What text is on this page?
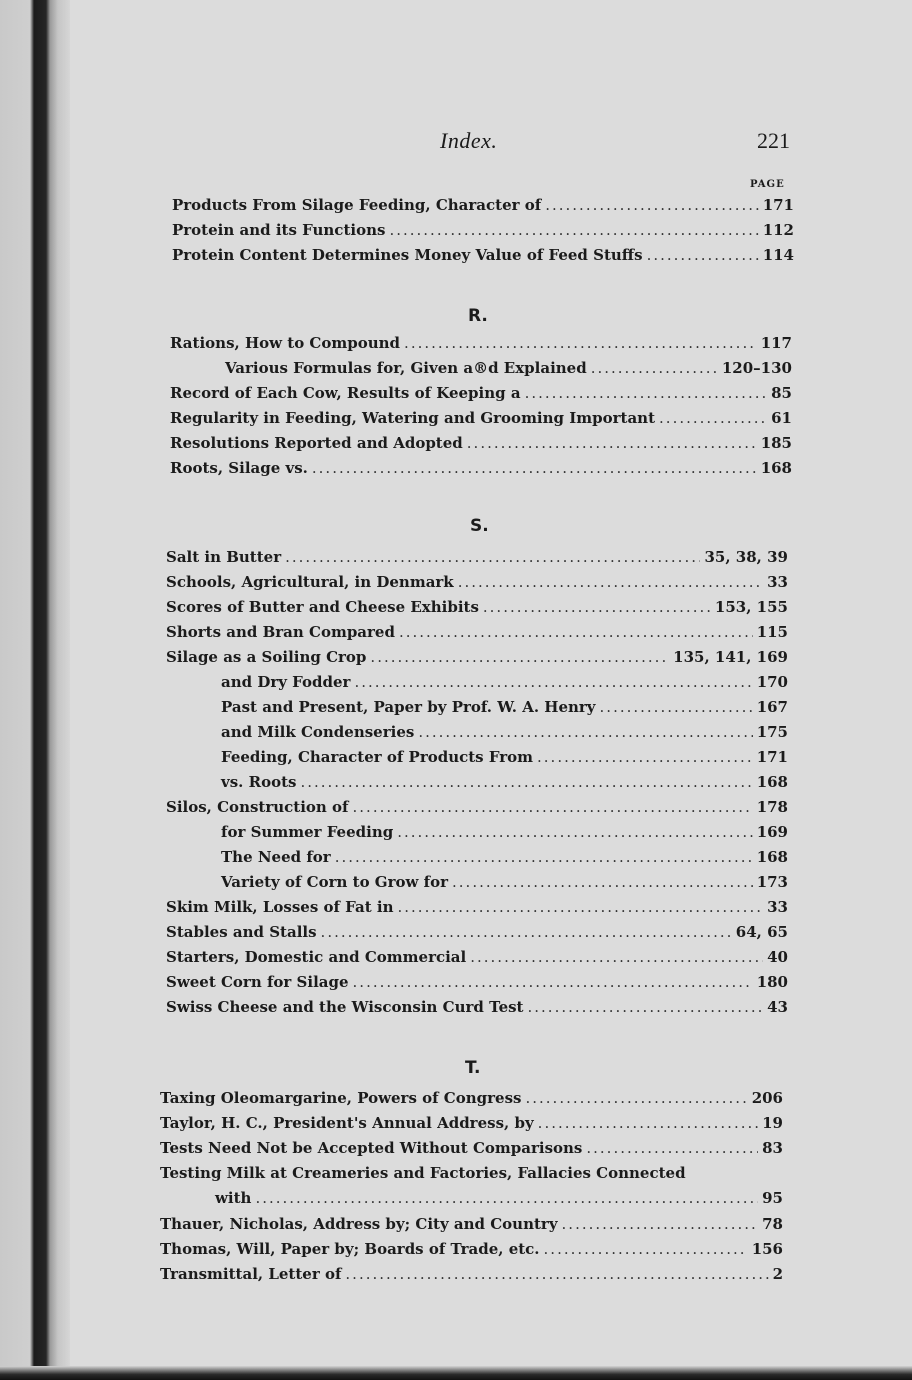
Index.	221
PAGE
Products From Silage Feeding, Character of .....	171
Protein and its Functions .....	112
Protein Content Determines Money Value of Feed Stuffs .....	114
R.
Rations, How to Compound .....	117
Various Formulas for, Given a®d Explained .....	120–130
Record of Each Cow, Results of Keeping a .....	85
Regularity in Feeding, Watering and Grooming Important .....	61
Resolutions Reported and Adopted .....	185
Roots, Silage vs. .....	168
S.
Salt in Butter .....	35, 38, 39
Schools, Agricultural, in Denmark .....	33
Scores of Butter and Cheese Exhibits .....	153, 155
Shorts and Bran Compared .....	115
Silage as a Soiling Crop .....	135, 141, 169
and Dry Fodder .....	170
Past and Present, Paper by Prof. W. A. Henry .....	167
and Milk Condenseries .....	175
Feeding, Character of Products From .....	171
vs. Roots .....	168
Silos, Construction of .....	178
for Summer Feeding .....	169
The Need for .....	168
Variety of Corn to Grow for .....	173
Skim Milk, Losses of Fat in .....	33
Stables and Stalls .....	64, 65
Starters, Domestic and Commercial .....	40
Sweet Corn for Silage .....	180
Swiss Cheese and the Wisconsin Curd Test .....	43
T.
Taxing Oleomargarine, Powers of Congress .....	206
Taylor, H. C., President's Annual Address, by .....	19
Tests Need Not be Accepted Without Comparisons .....	83
Testing Milk at Creameries and Factories, Fallacies Connected
with .....	95
Thauer, Nicholas, Address by; City and Country .....	78
Thomas, Will, Paper by; Boards of Trade, etc. .....	156
Transmittal, Letter of .....	2
